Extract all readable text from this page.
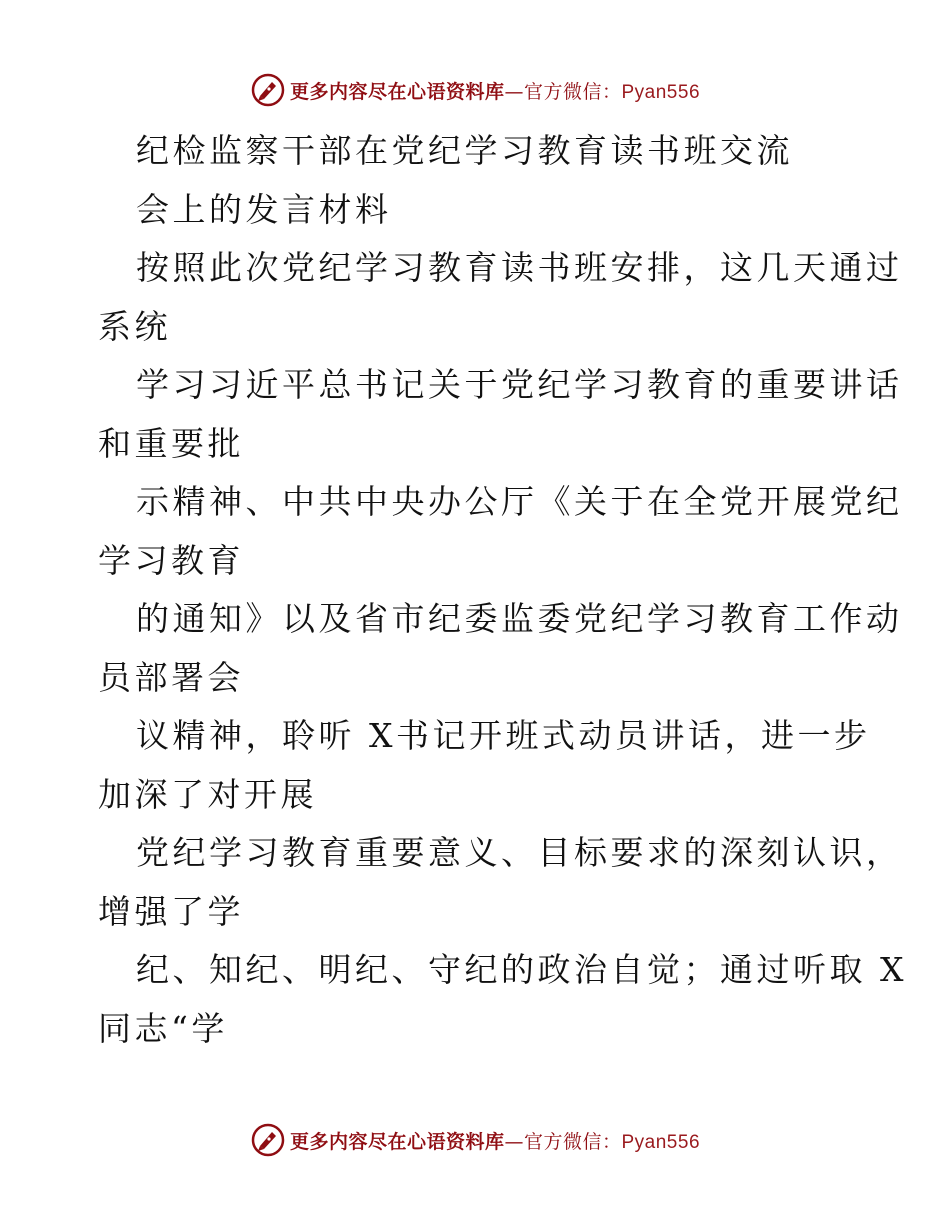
更多内容尽在心语资料库—官方微信：Pyan556
纪检监察干部在党纪学习教育读书班交流
会上的发言材料
按照此次党纪学习教育读书班安排，这几天通过
系统
学习习近平总书记关于党纪学习教育的重要讲话
和重要批
示精神、中共中央办公厅《关于在全党开展党纪
学习教育
的通知》以及省市纪委监委党纪学习教育工作动
员部署会
议精神，聆听 X书记开班式动员讲话，进一步
加深了对开展
党纪学习教育重要意义、目标要求的深刻认识，
增强了学
纪、知纪、明纪、守纪的政治自觉；通过听取 X
同志“学
更多内容尽在心语资料库—官方微信：Pyan556
